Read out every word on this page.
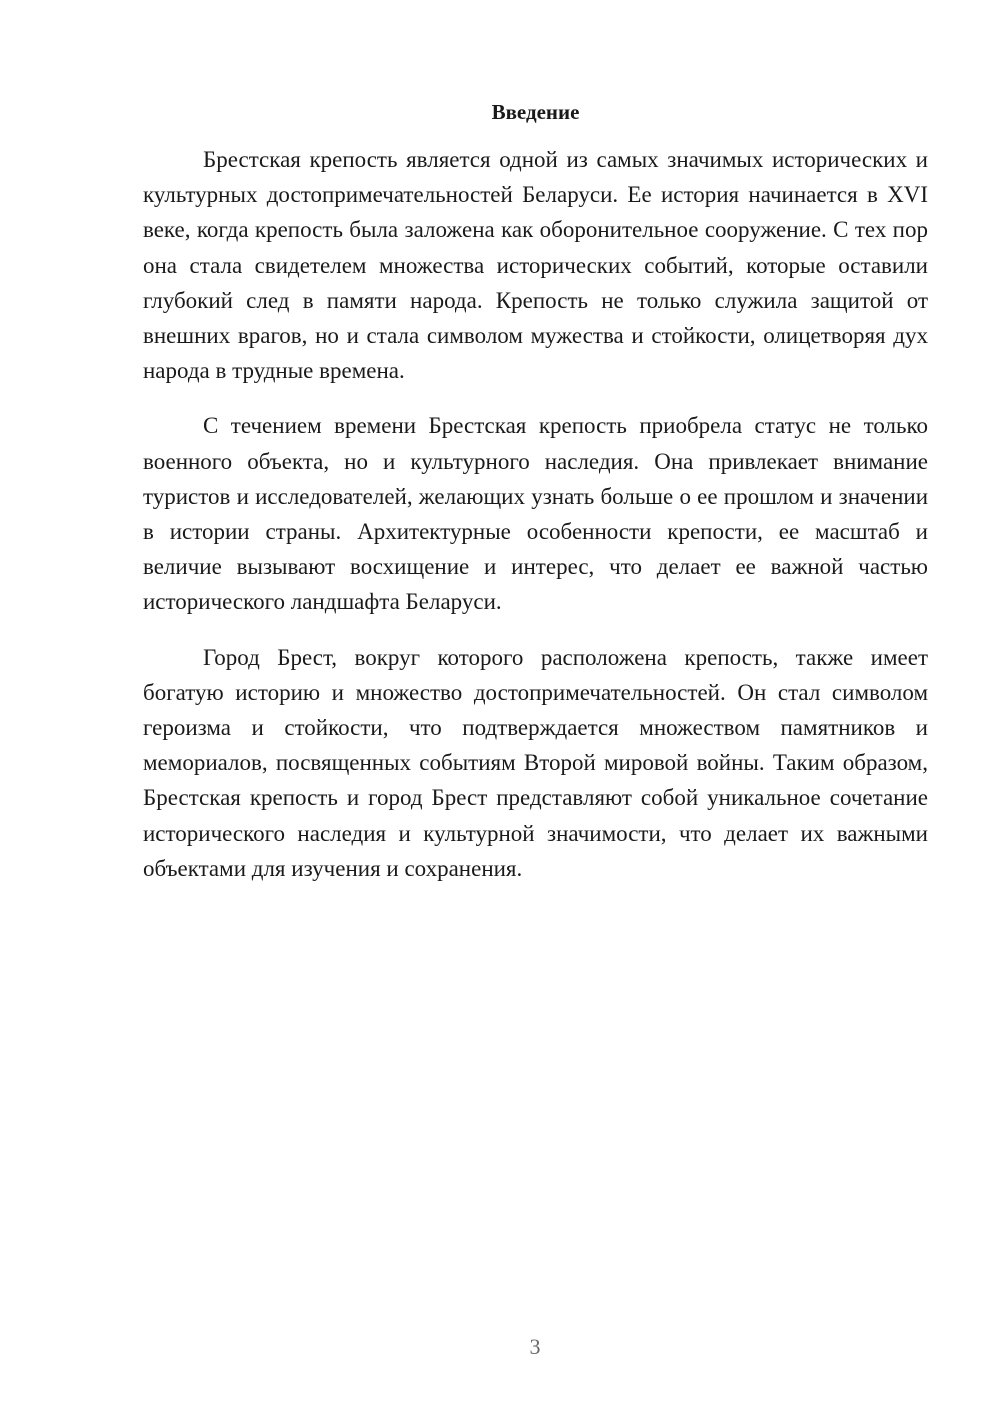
Введение

Брестская крепость является одной из самых значимых исторических и культурных достопримечательностей Беларуси. Ее история начинается в XVI веке, когда крепость была заложена как оборонительное сооружение. С тех пор она стала свидетелем множества исторических событий, которые оставили глубокий след в памяти народа. Крепость не только служила защитой от внешних врагов, но и стала символом мужества и стойкости, олицетворяя дух народа в трудные времена.

С течением времени Брестская крепость приобрела статус не только военного объекта, но и культурного наследия. Она привлекает внимание туристов и исследователей, желающих узнать больше о ее прошлом и значении в истории страны. Архитектурные особенности крепости, ее масштаб и величие вызывают восхищение и интерес, что делает ее важной частью исторического ландшафта Беларуси.

Город Брест, вокруг которого расположена крепость, также имеет богатую историю и множество достопримечательностей. Он стал символом героизма и стойкости, что подтверждается множеством памятников и мемориалов, посвященных событиям Второй мировой войны. Таким образом, Брестская крепость и город Брест представляют собой уникальное сочетание исторического наследия и культурной значимости, что делает их важными объектами для изучения и сохранения.

3
